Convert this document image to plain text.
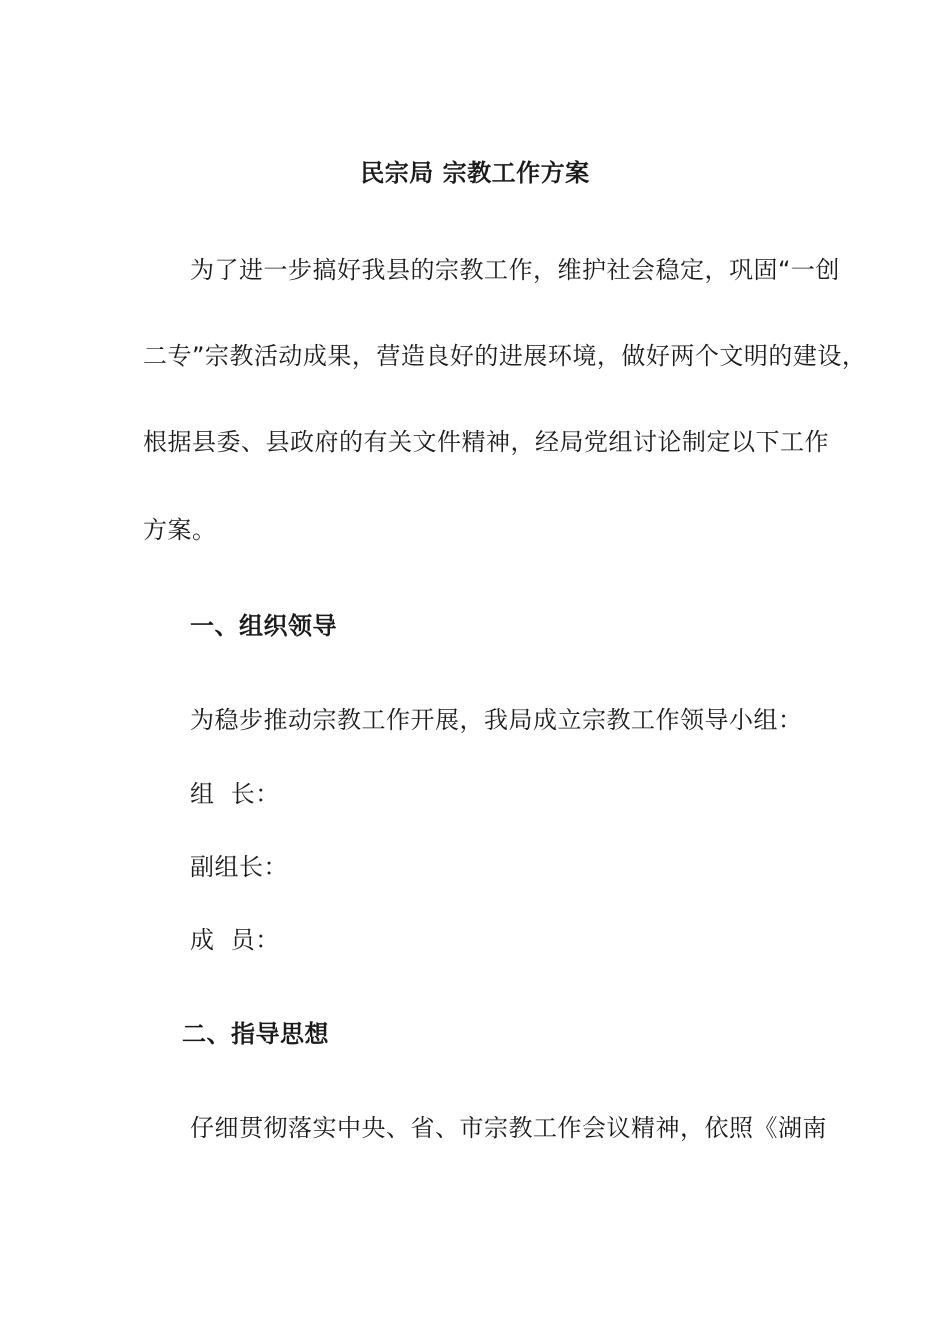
民宗局 宗教工作方案
为了进一步搞好我县的宗教工作，维护社会稳定，巩固“一创
二专”宗教活动成果，营造良好的进展环境，做好两个文明的建设，
根据县委、县政府的有关文件精神，经局党组讨论制定以下工作
方案。
一、组织领导
为稳步推动宗教工作开展，我局成立宗教工作领导小组：
组  长：
副组长：
成  员：
二、指导思想
仔细贯彻落实中央、省、市宗教工作会议精神，依照《湖南
